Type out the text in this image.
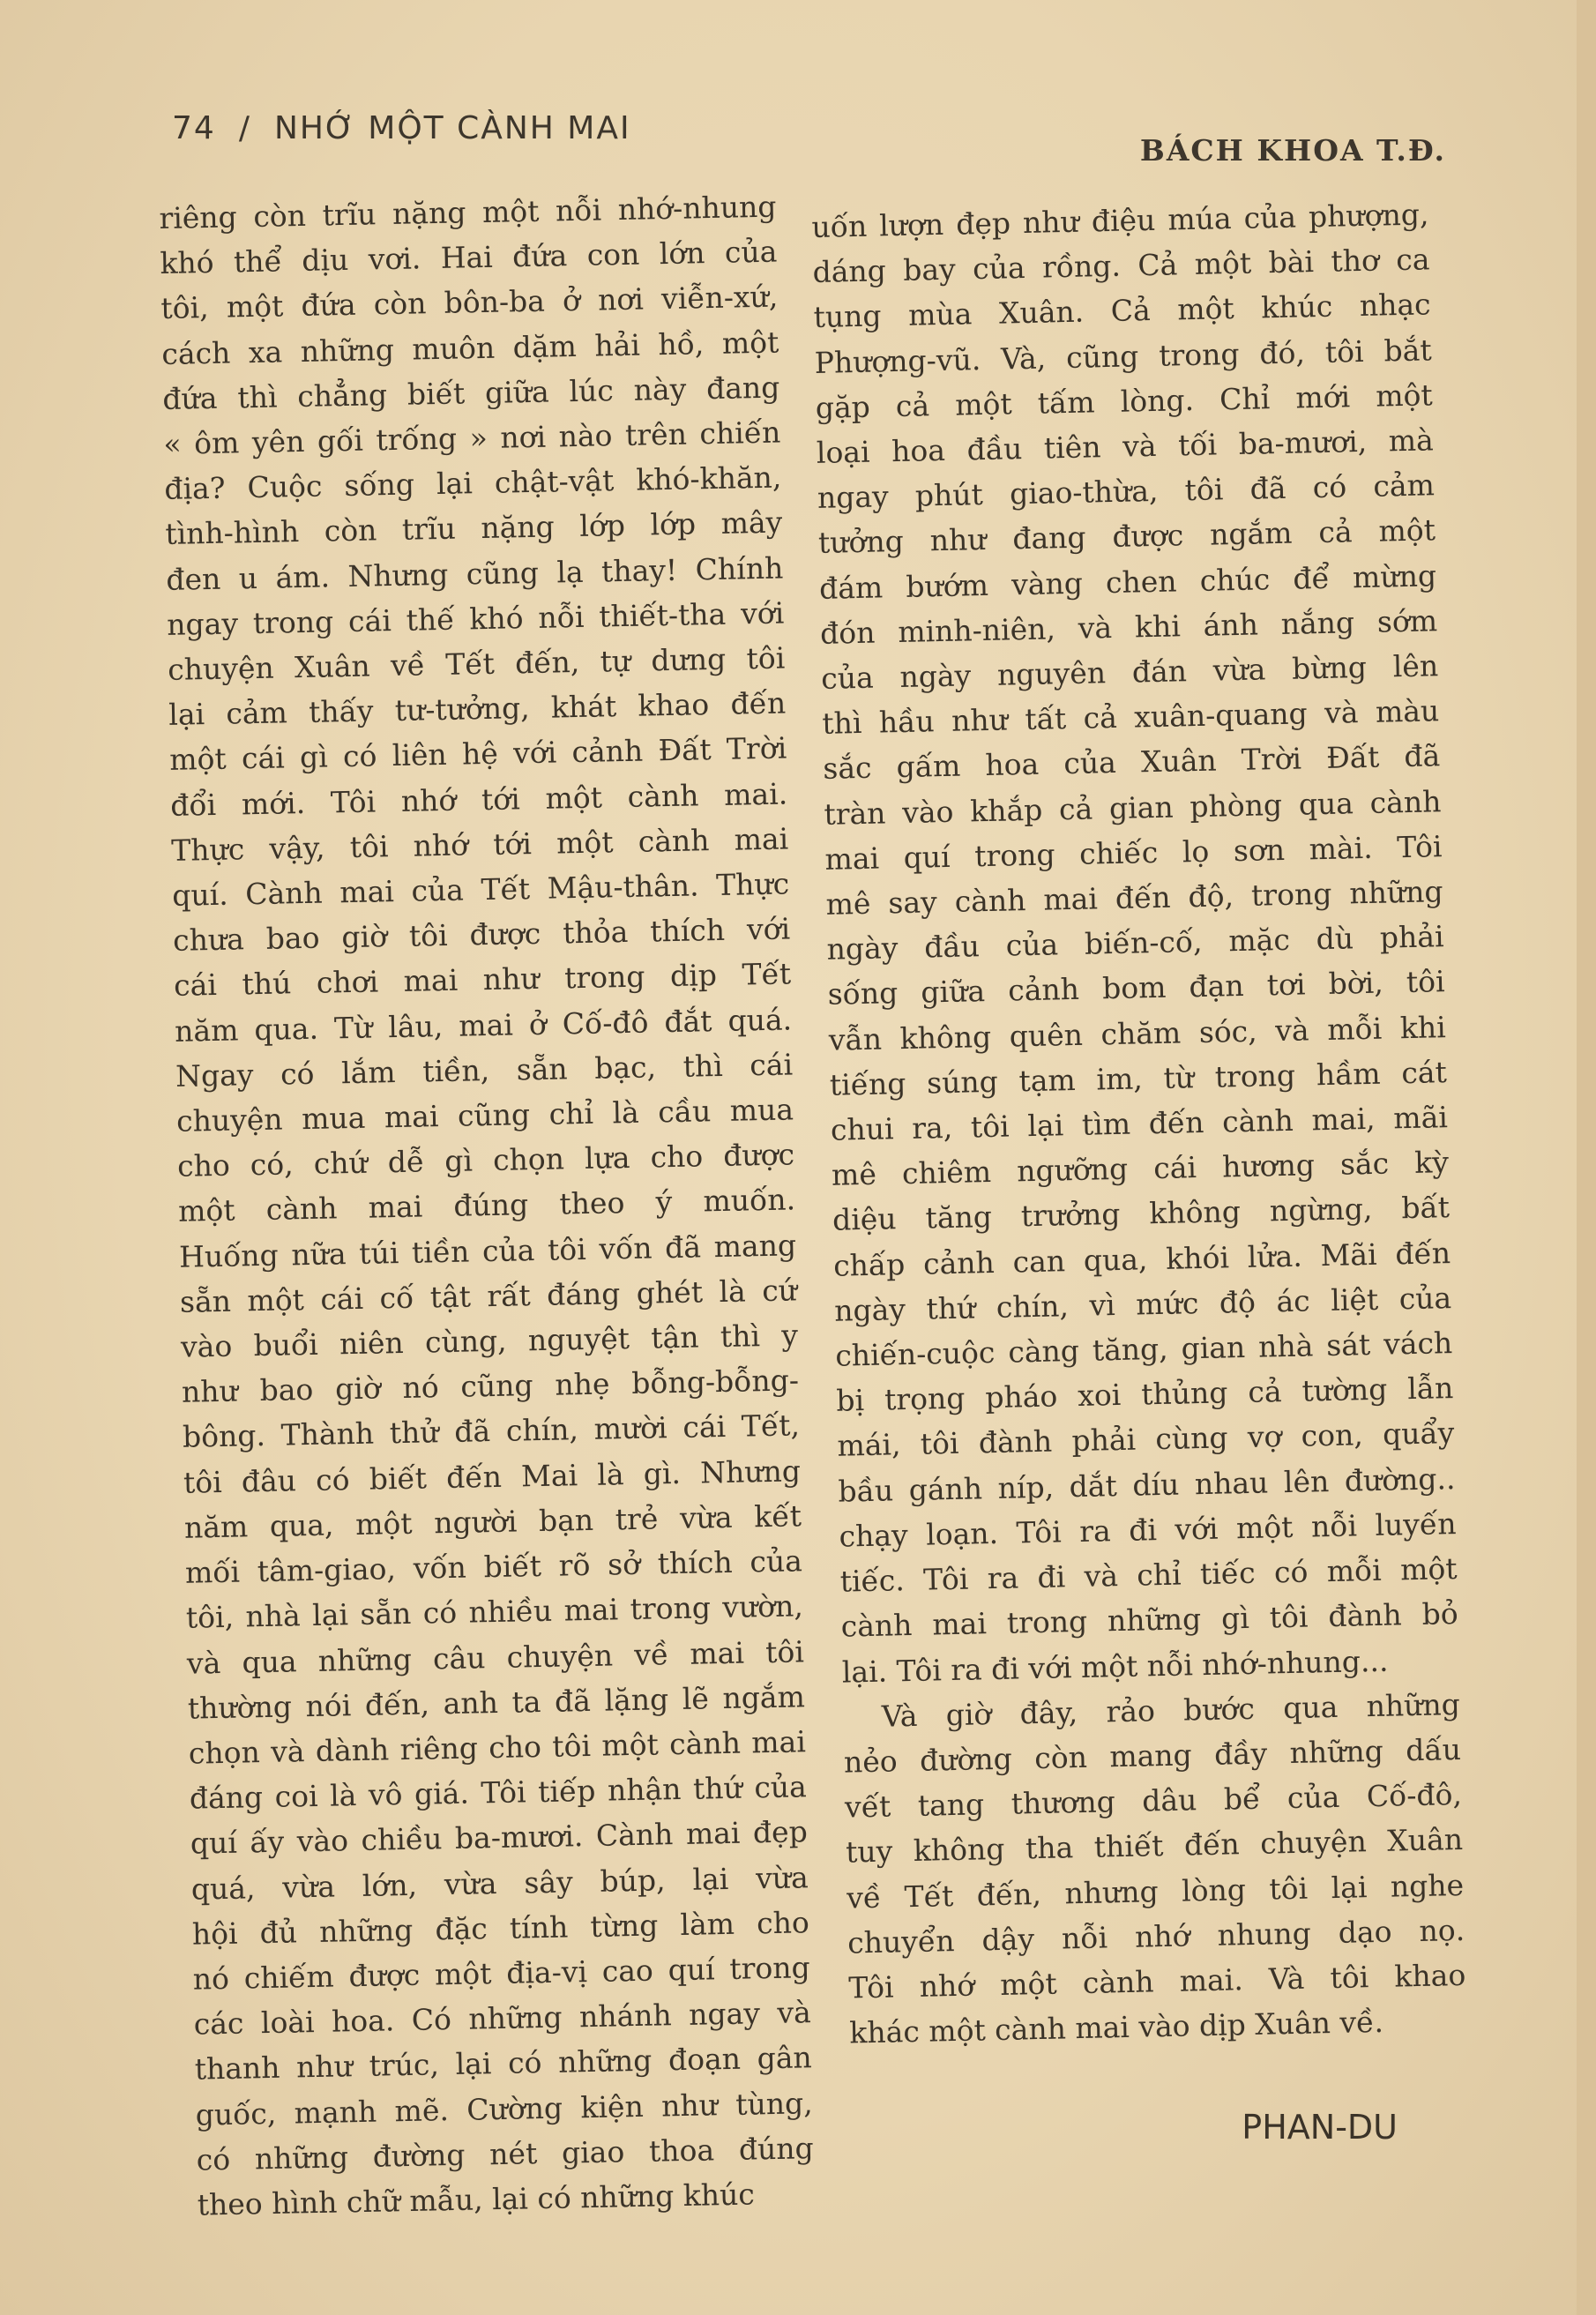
74 / NHỚ MỘT CÀNH MAI
BÁCH KHOA T.Đ.
riêng còn trĩu nặng một nỗi nhớ-nhung
khó thể dịu vơi. Hai đứa con lớn của
tôi, một đứa còn bôn-ba ở nơi viễn-xứ,
cách xa những muôn dặm hải hồ, một
đứa thì chẳng biết giữa lúc này đang
« ôm yên gối trống » nơi nào trên chiến
địa? Cuộc sống lại chật-vật khó-khăn,
tình-hình còn trĩu nặng lớp lớp mây
đen u ám. Nhưng cũng lạ thay! Chính
ngay trong cái thế khó nỗi thiết-tha với
chuyện Xuân về Tết đến, tự dưng tôi
lại cảm thấy tư-tưởng, khát khao đến
một cái gì có liên hệ với cảnh Đất Trời
đổi mới. Tôi nhớ tới một cành mai.
Thực vậy, tôi nhớ tới một cành mai
quí. Cành mai của Tết Mậu-thân. Thực
chưa bao giờ tôi được thỏa thích với
cái thú chơi mai như trong dịp Tết
năm qua. Từ lâu, mai ở Cố-đô đắt quá.
Ngay có lắm tiền, sẵn bạc, thì cái
chuyện mua mai cũng chỉ là cầu mua
cho có, chứ dễ gì chọn lựa cho được
một cành mai đúng theo ý muốn.
Huống nữa túi tiền của tôi vốn đã mang
sẵn một cái cố tật rất đáng ghét là cứ
vào buổi niên cùng, nguyệt tận thì y
như bao giờ nó cũng nhẹ bỗng-bỗng-
bông. Thành thử đã chín, mười cái Tết,
tôi đâu có biết đến Mai là gì. Nhưng
năm qua, một người bạn trẻ vừa kết
mối tâm-giao, vốn biết rõ sở thích của
tôi, nhà lại sẵn có nhiều mai trong vườn,
và qua những câu chuyện về mai tôi
thường nói đến, anh ta đã lặng lẽ ngắm
chọn và dành riêng cho tôi một cành mai
đáng coi là vô giá. Tôi tiếp nhận thứ của
quí ấy vào chiều ba-mươi. Cành mai đẹp
quá, vừa lớn, vừa sây búp, lại vừa
hội đủ những đặc tính từng làm cho
nó chiếm được một địa-vị cao quí trong
các loài hoa. Có những nhánh ngay và
thanh như trúc, lại có những đoạn gân
guốc, mạnh mẽ. Cường kiện như tùng,
có những đường nét giao thoa đúng
theo hình chữ mẫu, lại có những khúc
uốn lượn đẹp như điệu múa của phượng,
dáng bay của rồng. Cả một bài thơ ca
tụng mùa Xuân. Cả một khúc nhạc
Phượng-vũ. Và, cũng trong đó, tôi bắt
gặp cả một tấm lòng. Chỉ mới một
loại hoa đầu tiên và tối ba-mươi, mà
ngay phút giao-thừa, tôi đã có cảm
tưởng như đang được ngắm cả một
đám bướm vàng chen chúc để mừng
đón minh-niên, và khi ánh nắng sớm
của ngày nguyên đán vừa bừng lên
thì hầu như tất cả xuân-quang và màu
sắc gấm hoa của Xuân Trời Đất đã
tràn vào khắp cả gian phòng qua cành
mai quí trong chiếc lọ sơn mài. Tôi
mê say cành mai đến độ, trong những
ngày đầu của biến-cố, mặc dù phải
sống giữa cảnh bom đạn tơi bời, tôi
vẫn không quên chăm sóc, và mỗi khi
tiếng súng tạm im, từ trong hầm cát
chui ra, tôi lại tìm đến cành mai, mãi
mê chiêm ngưỡng cái hương sắc kỳ
diệu tăng trưởng không ngừng, bất
chấp cảnh can qua, khói lửa. Mãi đến
ngày thứ chín, vì mức độ ác liệt của
chiến-cuộc càng tăng, gian nhà sát vách
bị trọng pháo xoi thủng cả tường lẫn
mái, tôi đành phải cùng vợ con, quẩy
bầu gánh níp, dắt díu nhau lên đường..
chạy loạn. Tôi ra đi với một nỗi luyến
tiếc. Tôi ra đi và chỉ tiếc có mỗi một
cành mai trong những gì tôi đành bỏ
lại. Tôi ra đi với một nỗi nhớ-nhung...
Và giờ đây, rảo bước qua những
nẻo đường còn mang đầy những dấu
vết tang thương dâu bể của Cố-đô,
tuy không tha thiết đến chuyện Xuân
về Tết đến, nhưng lòng tôi lại nghe
chuyển dậy nỗi nhớ nhung dạo nọ.
Tôi nhớ một cành mai. Và tôi khao
khác một cành mai vào dịp Xuân về.
PHAN-DU
